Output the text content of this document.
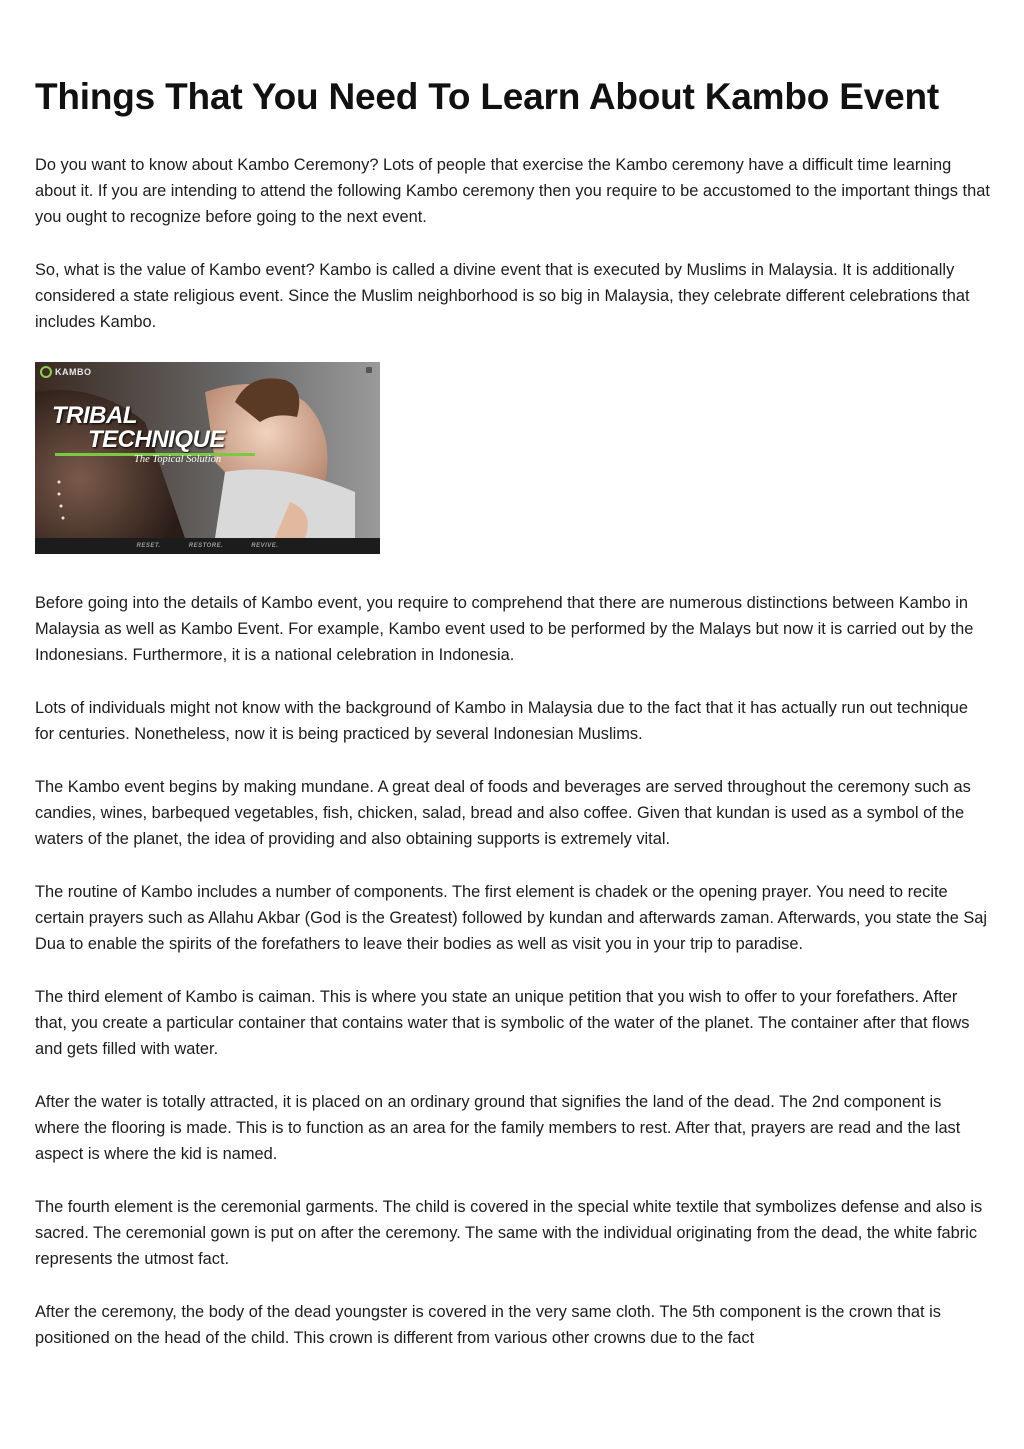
Things That You Need To Learn About Kambo Event

Do you want to know about Kambo Ceremony? Lots of people that exercise the Kambo ceremony have a difficult time learning about it. If you are intending to attend the following Kambo ceremony then you require to be accustomed to the important things that you ought to recognize before going to the next event.

So, what is the value of Kambo event? Kambo is called a divine event that is executed by Muslims in Malaysia. It is additionally considered a state religious event. Since the Muslim neighborhood is so big in Malaysia, they celebrate different celebrations that includes Kambo.

KAMBO
TRIBAL
TECHNIQUE
The Topical Solution
RESET.	RESTORE.	REVIVE.

Before going into the details of Kambo event, you require to comprehend that there are numerous distinctions between Kambo in Malaysia as well as Kambo Event. For example, Kambo event used to be performed by the Malays but now it is carried out by the Indonesians. Furthermore, it is a national celebration in Indonesia.

Lots of individuals might not know with the background of Kambo in Malaysia due to the fact that it has actually run out technique for centuries. Nonetheless, now it is being practiced by several Indonesian Muslims.

The Kambo event begins by making mundane. A great deal of foods and beverages are served throughout the ceremony such as candies, wines, barbequed vegetables, fish, chicken, salad, bread and also coffee. Given that kundan is used as a symbol of the waters of the planet, the idea of providing and also obtaining supports is extremely vital.

The routine of Kambo includes a number of components. The first element is chadek or the opening prayer. You need to recite certain prayers such as Allahu Akbar (God is the Greatest) followed by kundan and afterwards zaman. Afterwards, you state the Saj Dua to enable the spirits of the forefathers to leave their bodies as well as visit you in your trip to paradise.

The third element of Kambo is caiman. This is where you state an unique petition that you wish to offer to your forefathers. After that, you create a particular container that contains water that is symbolic of the water of the planet. The container after that flows and gets filled with water.

After the water is totally attracted, it is placed on an ordinary ground that signifies the land of the dead. The 2nd component is where the flooring is made. This is to function as an area for the family members to rest. After that, prayers are read and the last aspect is where the kid is named.

The fourth element is the ceremonial garments. The child is covered in the special white textile that symbolizes defense and also is sacred. The ceremonial gown is put on after the ceremony. The same with the individual originating from the dead, the white fabric represents the utmost fact.

After the ceremony, the body of the dead youngster is covered in the very same cloth. The 5th component is the crown that is positioned on the head of the child. This crown is different from various other crowns due to the fact
